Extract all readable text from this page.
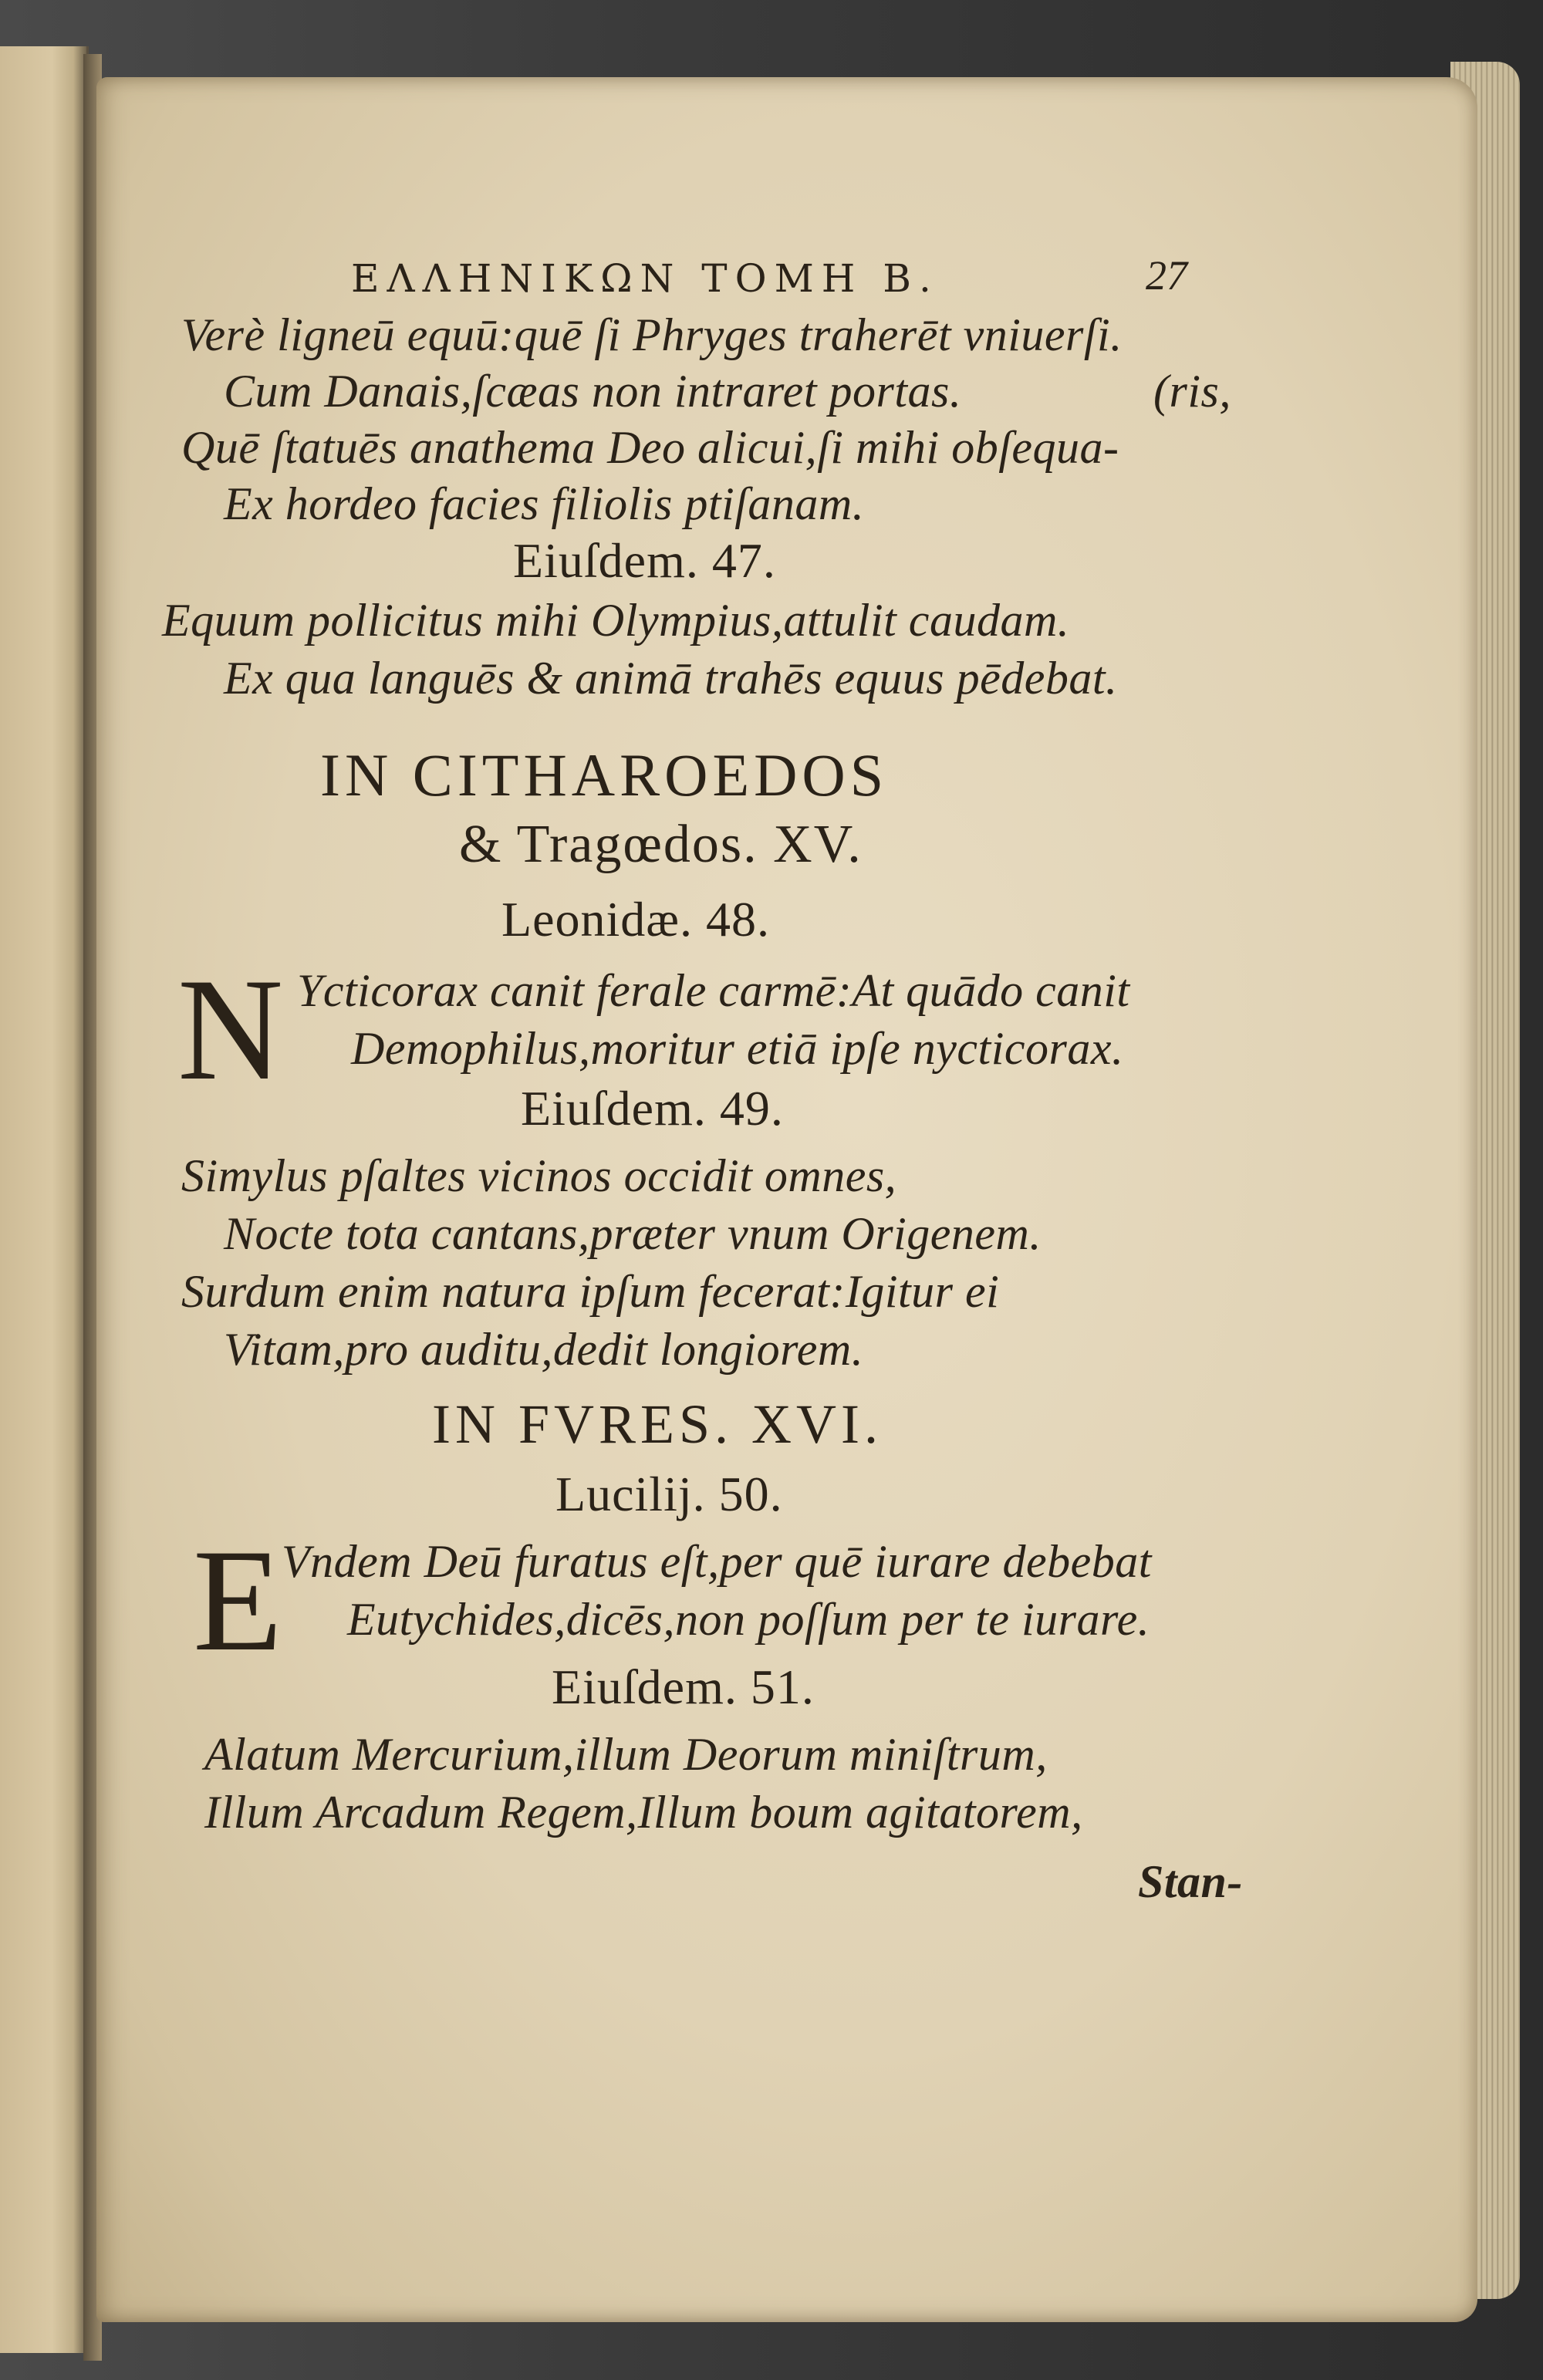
ΕΛΛΗΝΙΚΩΝ ΤΟΜΗ Β.	27

Verè ligneū equū:quē ſi Phryges traherēt vniuerſi.

Cum Danais,ſcæas non intraret portas.	(ris,

Quē ſtatuēs anathema Deo alicui,ſi mihi obſequa-

Ex hordeo facies filiolis ptiſanam.

Eiuſdem. 47.

Equum pollicitus mihi Olympius,attulit caudam.

Ex qua languēs & animā trahēs equus pēdebat.

IN CITHAROEDOS

& Tragœdos. XV.

Leonidæ. 48.

N Ycticorax canit ferale carmē:At quādo canit

Demophilus,moritur etiā ipſe nycticorax.

Eiuſdem. 49.

Simylus pſaltes vicinos occidit omnes,

Nocte tota cantans,præter vnum Origenem.

Surdum enim natura ipſum fecerat:Igitur ei

Vitam,pro auditu,dedit longiorem.

IN FVRES. XVI.

Lucilij. 50.

E

Vndem Deū furatus eſt,per quē iurare debebat

Eutychides,dicēs,non poſſum per te iurare.

Eiuſdem. 51.

Alatum Mercurium,illum Deorum miniſtrum,

Illum Arcadum Regem,Illum boum agitatorem,

Stan-
